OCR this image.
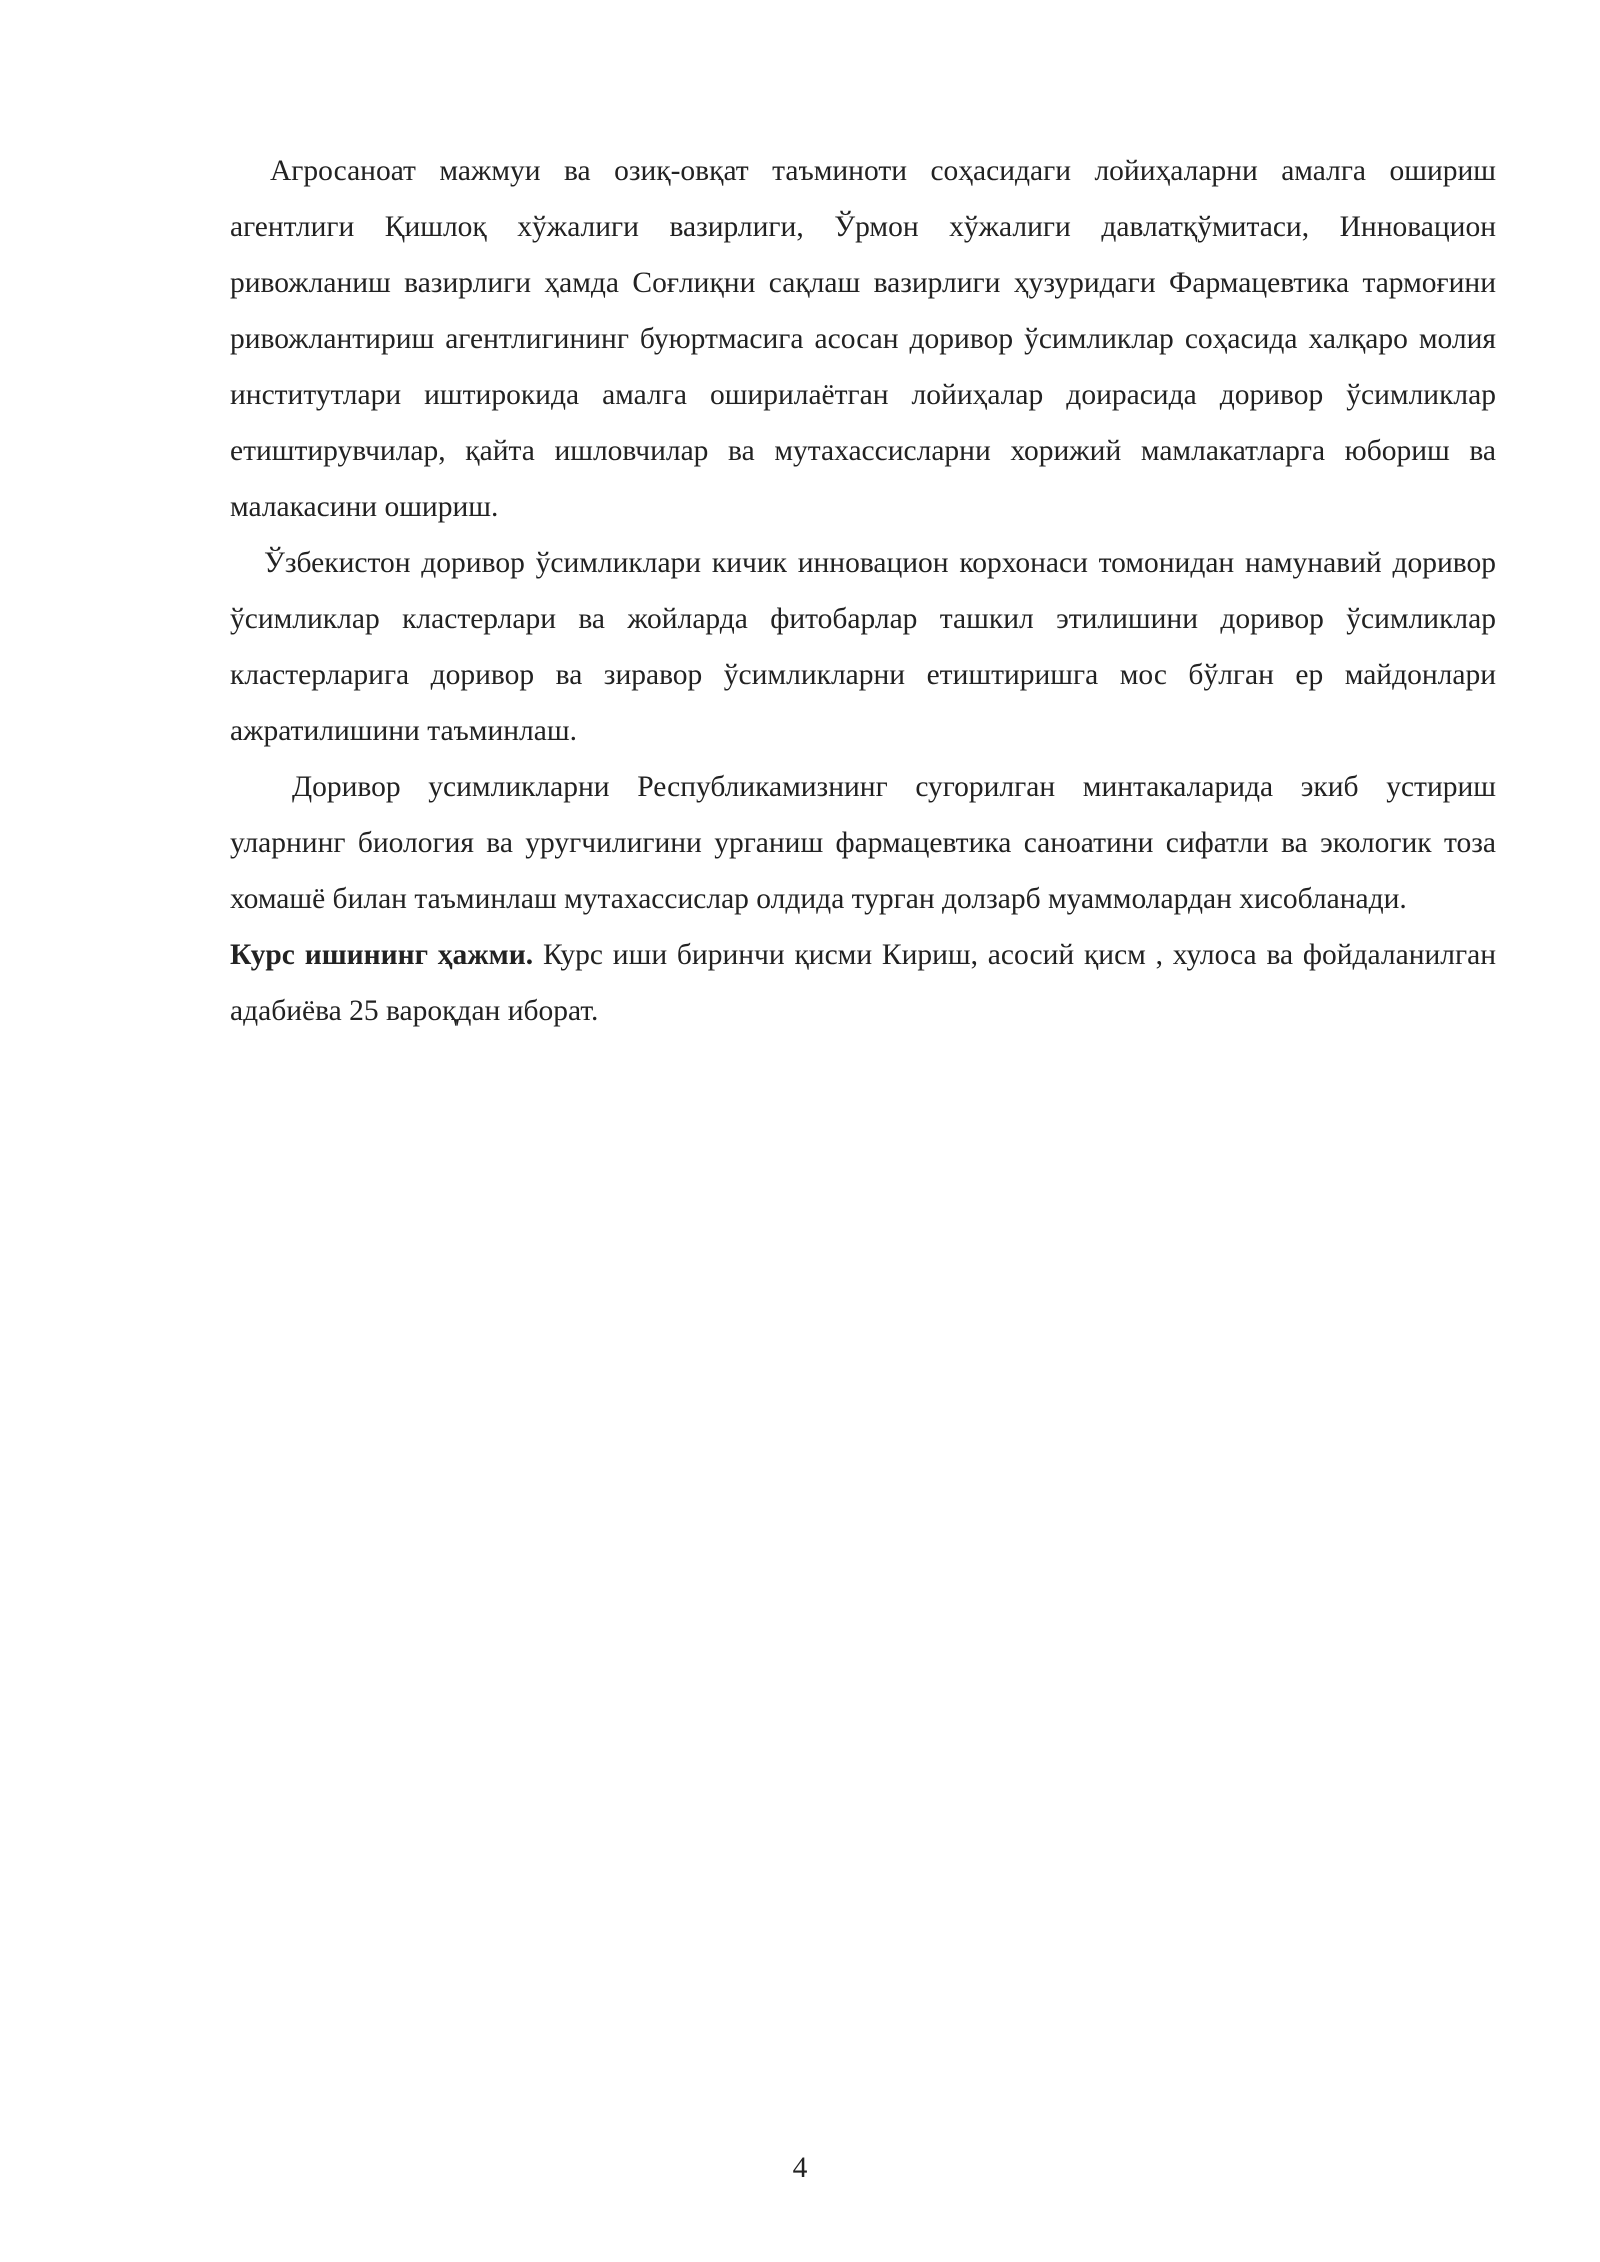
Агросаноат мажмуи ва озиқ-овқат таъминоти соҳасидаги лойиҳаларни амалга ошириш агентлиги Қишлоқ хўжалиги вазирлиги, Ўрмон хўжалиги давлатқўмитаси, Инновацион ривожланиш вазирлиги ҳамда Соғлиқни сақлаш вазирлиги ҳузуридаги Фармацевтика тармоғини ривожлантириш агентлигининг буюртмасига асосан доривор ўсимликлар соҳасида халқаро молия институтлари иштирокида амалга оширилаётган лойиҳалар доирасида доривор ўсимликлар етиштирувчилар, қайта ишловчилар ва мутахассисларни хорижий мамлакатларга юбориш ва малакасини ошириш.

Ўзбекистон доривор ўсимликлари кичик инновацион корхонаси томонидан намунавий доривор ўсимликлар кластерлари ва жойларда фитобарлар ташкил этилишини доривор ўсимликлар кластерларига доривор ва зиравор ўсимликларни етиштиришга мос бўлган ер майдонлари ажратилишини таъминлаш.

Доривор усимликларни Республикамизнинг сугорилган минтакаларида экиб устириш уларнинг биология ва уругчилигини урганиш фармацевтика саноатини сифатли ва экологик тоза хомашё билан таъминлаш мутахассислар олдида турган долзарб муаммолардан хисобланади.

Курс ишининг ҳажми. Курс иши биринчи қисми Кириш, асосий қисм , хулоса ва фойдаланилган адабиёва 25 вароқдан иборат.

4
